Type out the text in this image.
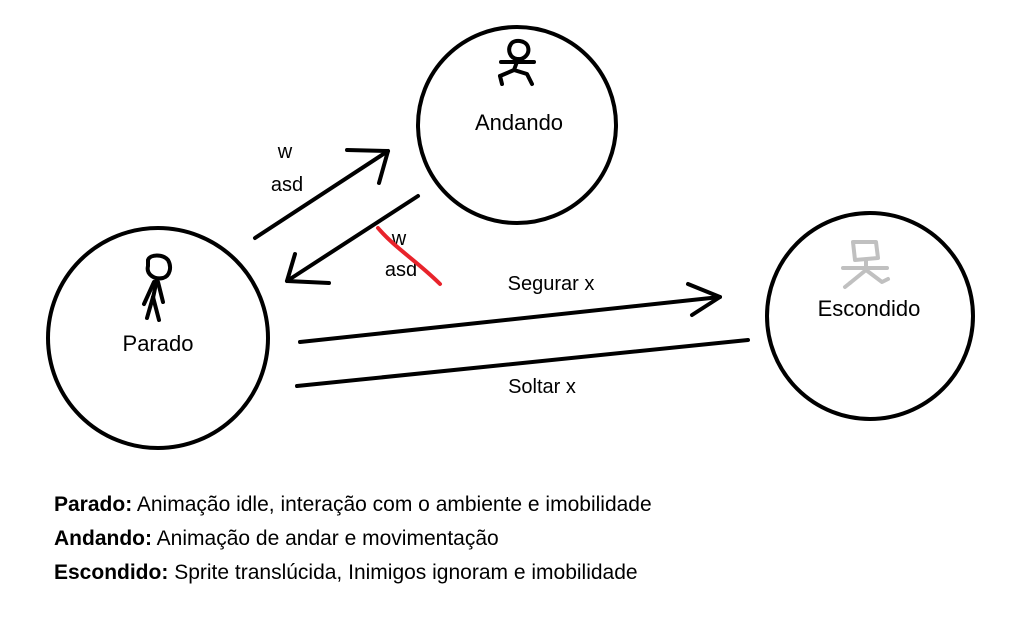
Parado
Andando
Escondido
w
asd
w
asd
Segurar x
Soltar x
Parado: Animação idle, interação com o ambiente e imobilidade
Andando: Animação de andar e movimentação
Escondido: Sprite translúcida, Inimigos ignoram e imobilidade
